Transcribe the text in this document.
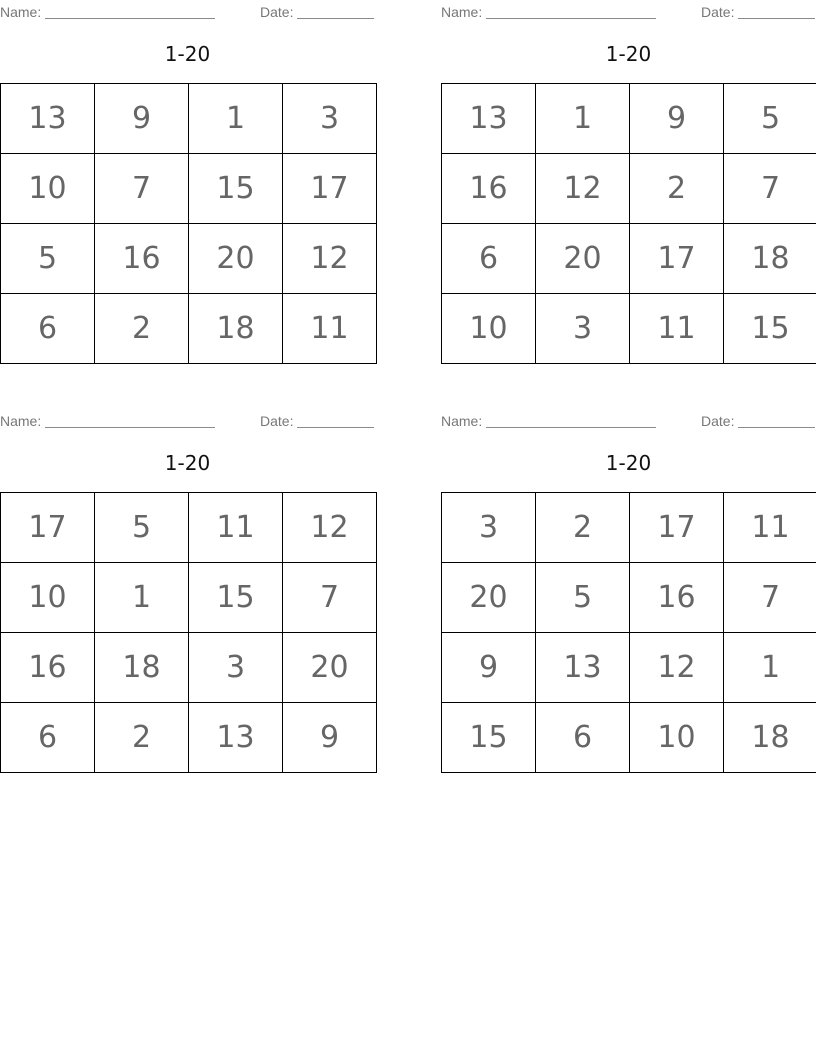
Name:	Date:
1-20
13	9	1	3
10	7	15	17
5	16	20	12
6	2	18	11
Name:	Date:
1-20
13	1	9	5
16	12	2	7
6	20	17	18
10	3	11	15
Name:	Date:
1-20
17	5	11	12
10	1	15	7
16	18	3	20
6	2	13	9
Name:	Date:
1-20
3	2	17	11
20	5	16	7
9	13	12	1
15	6	10	18
